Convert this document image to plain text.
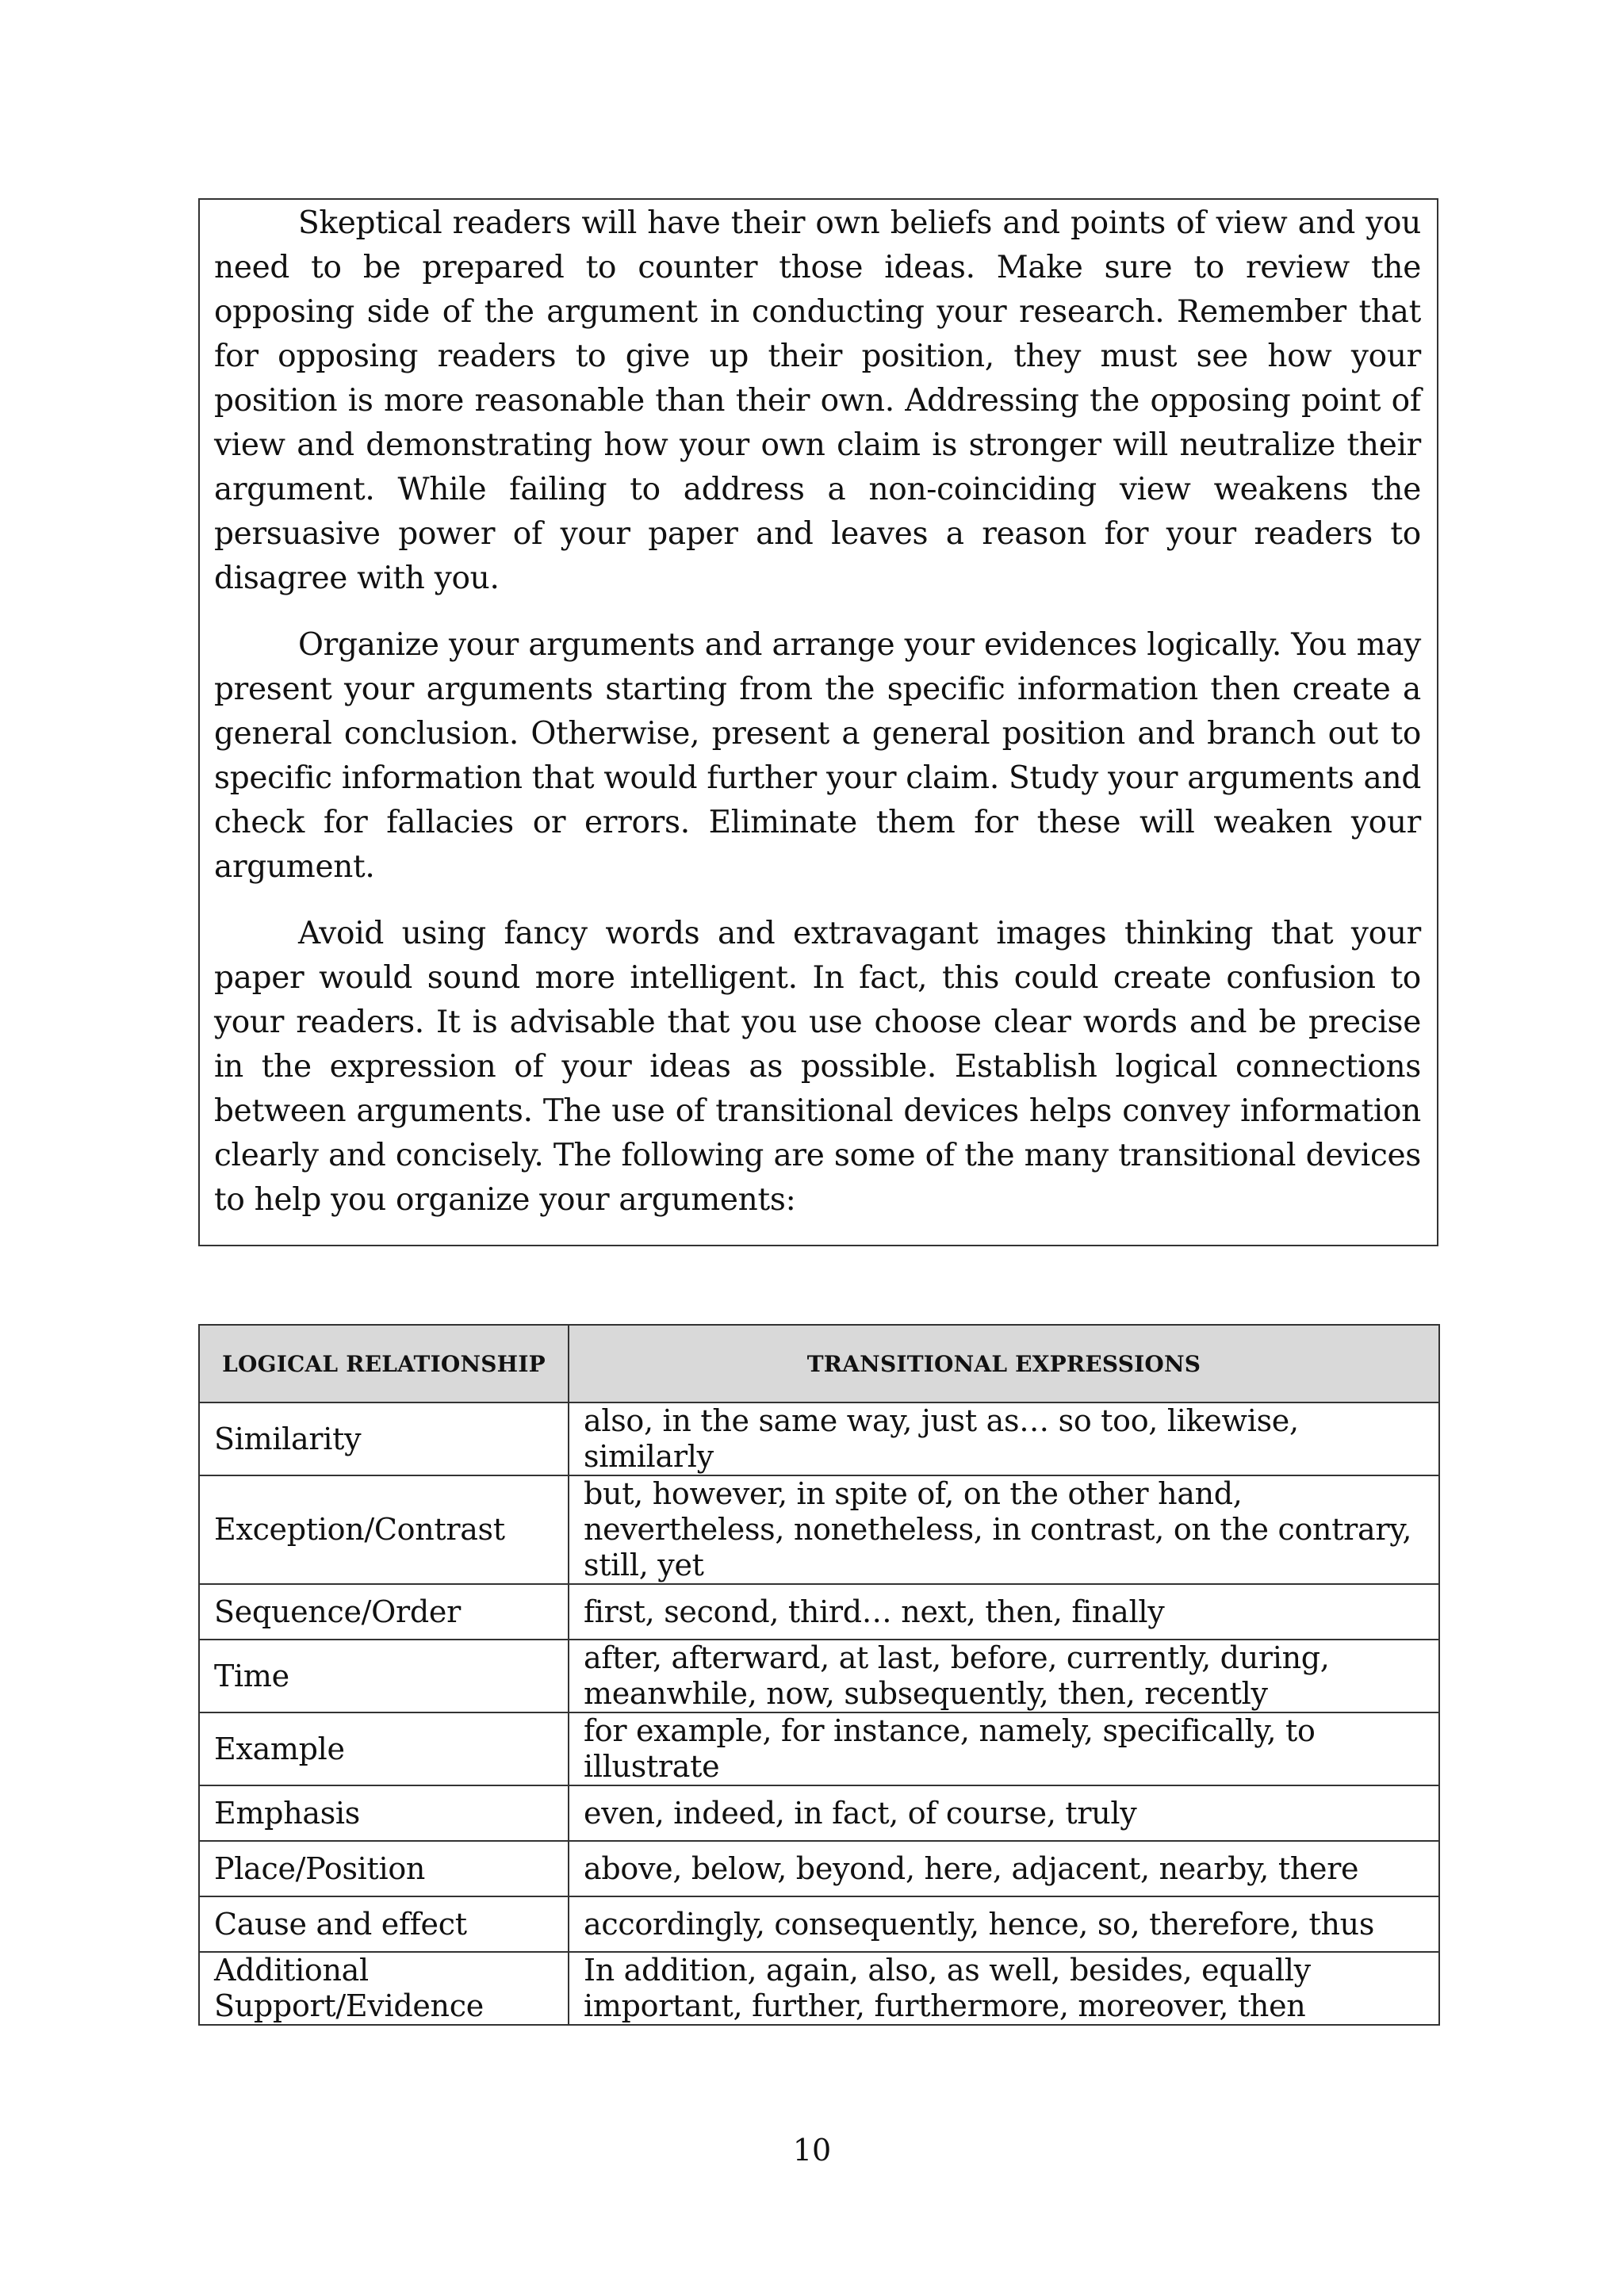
Skeptical readers will have their own beliefs and points of view and you need to be prepared to counter those ideas. Make sure to review the opposing side of the argument in conducting your research. Remember that for opposing readers to give up their position, they must see how your position is more reasonable than their own. Addressing the opposing point of view and demonstrating how your own claim is stronger will neutralize their argument. While failing to address a non-coinciding view weakens the persuasive power of your paper and leaves a reason for your readers to disagree with you.

Organize your arguments and arrange your evidences logically. You may present your arguments starting from the specific information then create a general conclusion. Otherwise, present a general position and branch out to specific information that would further your claim. Study your arguments and check for fallacies or errors. Eliminate them for these will weaken your argument.

Avoid using fancy words and extravagant images thinking that your paper would sound more intelligent. In fact, this could create confusion to your readers. It is advisable that you use choose clear words and be precise in the expression of your ideas as possible. Establish logical connections between arguments. The use of transitional devices helps convey information clearly and concisely. The following are some of the many transitional devices to help you organize your arguments:

LOGICAL RELATIONSHIP	TRANSITIONAL EXPRESSIONS
Similarity	also, in the same way, just as… so too, likewise, similarly
Exception/Contrast	but, however, in spite of, on the other hand, nevertheless, nonetheless, in contrast, on the contrary, still, yet
Sequence/Order	first, second, third… next, then, finally
Time	after, afterward, at last, before, currently, during, meanwhile, now, subsequently, then, recently
Example	for example, for instance, namely, specifically, to illustrate
Emphasis	even, indeed, in fact, of course, truly
Place/Position	above, below, beyond, here, adjacent, nearby, there
Cause and effect	accordingly, consequently, hence, so, therefore, thus
Additional Support/Evidence	In addition, again, also, as well, besides, equally important, further, furthermore, moreover, then
10
